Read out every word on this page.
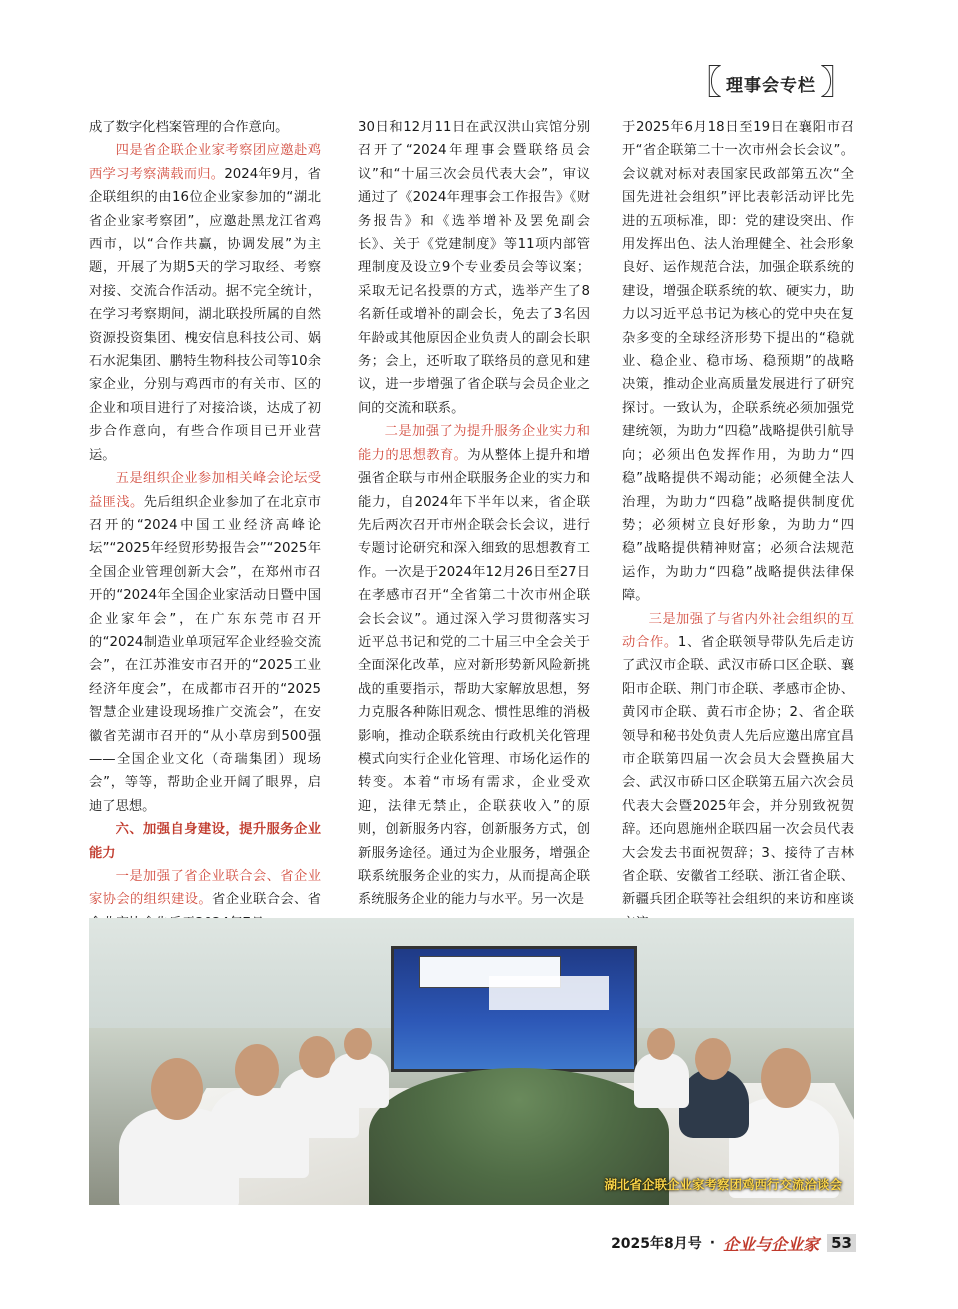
〖 理事会专栏 〗

成了数字化档案管理的合作意向。

四是省企联企业家考察团应邀赴鸡西学习考察满载而归。2024年9月，省企联组织的由16位企业家参加的“湖北省企业家考察团”，应邀赴黑龙江省鸡西市，以“合作共赢，协调发展”为主题，开展了为期5天的学习取经、考察对接、交流合作活动。据不完全统计，在学习考察期间，湖北联投所属的自然资源投资集团、槐安信息科技公司、娲石水泥集团、鹏特生物科技公司等10余家企业，分别与鸡西市的有关市、区的企业和项目进行了对接洽谈，达成了初步合作意向，有些合作项目已开业营运。

五是组织企业参加相关峰会论坛受益匪浅。先后组织企业参加了在北京市召开的“2024中国工业经济高峰论坛”“2025年经贸形势报告会”“2025年全国企业管理创新大会”，在郑州市召开的“2024年全国企业家活动日暨中国企业家年会”，在广东东莞市召开的“2024制造业单项冠军企业经验交流会”，在江苏淮安市召开的“2025工业经济年度会”，在成都市召开的“2025智慧企业建设现场推广交流会”，在安徽省芜湖市召开的“从小草房到500强——全国企业文化（奇瑞集团）现场会”，等等，帮助企业开阔了眼界，启迪了思想。

六、加强自身建设，提升服务企业能力

一是加强了省企业联合会、省企业家协会的组织建设。省企业联合会、省

30日和12月11日在武汉洪山宾馆分别召开了“2024年理事会暨联络员会议”和“十届三次会员代表大会”，审议通过了《2024年理事会工作报告》《财务报告》和《选举增补及罢免副会长》、关于《党建制度》等11项内部管理制度及设立9个专业委员会等议案；采取无记名投票的方式，选举产生了8名新任或增补的副会长，免去了3名因年龄或其他原因企业负责人的副会长职务；会上，还听取了联络员的意见和建议，进一步增强了省企联与会员企业之间的交流和联系。

二是加强了为提升服务企业实力和能力的思想教育。为从整体上提升和增强省企联与市州企联服务企业的实力和能力，自2024年下半年以来，省企联先后两次召开市州企联会长会议，进行专题讨论研究和深入细致的思想教育工作。一次是于2024年12月26日至27日在孝感市召开“全省第二十次市州企联会长会议”。通过深入学习贯彻落实习近平总书记和党的二十届三中全会关于全面深化改革，应对新形势新风险新挑战的重要指示，帮助大家解放思想，努力克服各种陈旧观念、惯性思维的消极影响，推动企联系统由行政机关化管理模式向实行企业化管理、市场化运作的转变。本着“市场有需求，企业受欢迎，法律无禁止，企联获收入”的原则，创新服务内容，创新服务方式，创新服务途径。通过为企业服务，增强企联系统服务企业的实力，从而提高企联系统服务企业的能力与水平。另一次是

于2025年6月18日至19日在襄阳市召开“省企联第二十一次市州会长会议”。会议就对标对表国家民政部第五次“全国先进社会组织”评比表彰活动评比先进的五项标准，即：党的建设突出、作用发挥出色、法人治理健全、社会形象良好、运作规范合法，加强企联系统的建设，增强企联系统的软、硬实力，助力以习近平总书记为核心的党中央在复杂多变的全球经济形势下提出的“稳就业、稳企业、稳市场、稳预期”的战略决策，推动企业高质量发展进行了研究探讨。一致认为，企联系统必须加强党建统领，为助力“四稳”战略提供引航导向；必须出色发挥作用，为助力“四稳”战略提供不竭动能；必须健全法人治理，为助力“四稳”战略提供制度优势；必须树立良好形象，为助力“四稳”战略提供精神财富；必须合法规范运作，为助力“四稳”战略提供法律保障。

三是加强了与省内外社会组织的互动合作。1、省企联领导带队先后走访了武汉市企联、武汉市硚口区企联、襄阳市企联、荆门市企联、孝感市企协、黄冈市企联、黄石市企协；2、省企联领导和秘书处负责人先后应邀出席宜昌市企联第四届一次会员大会暨换届大会、武汉市硚口区企联第五届六次会员代表大会暨2025年会，并分别致祝贺辞。还向恩施州企联四届一次会员代表大会发去书面祝贺辞；3、接待了吉林省企联、安徽省工经联、浙江省企联、新疆兵团企联等社会组织的来访和座谈

湖北省企联企业家考察团鸡西行交流洽谈会
2025年8月号 · 企业与企业家 53
